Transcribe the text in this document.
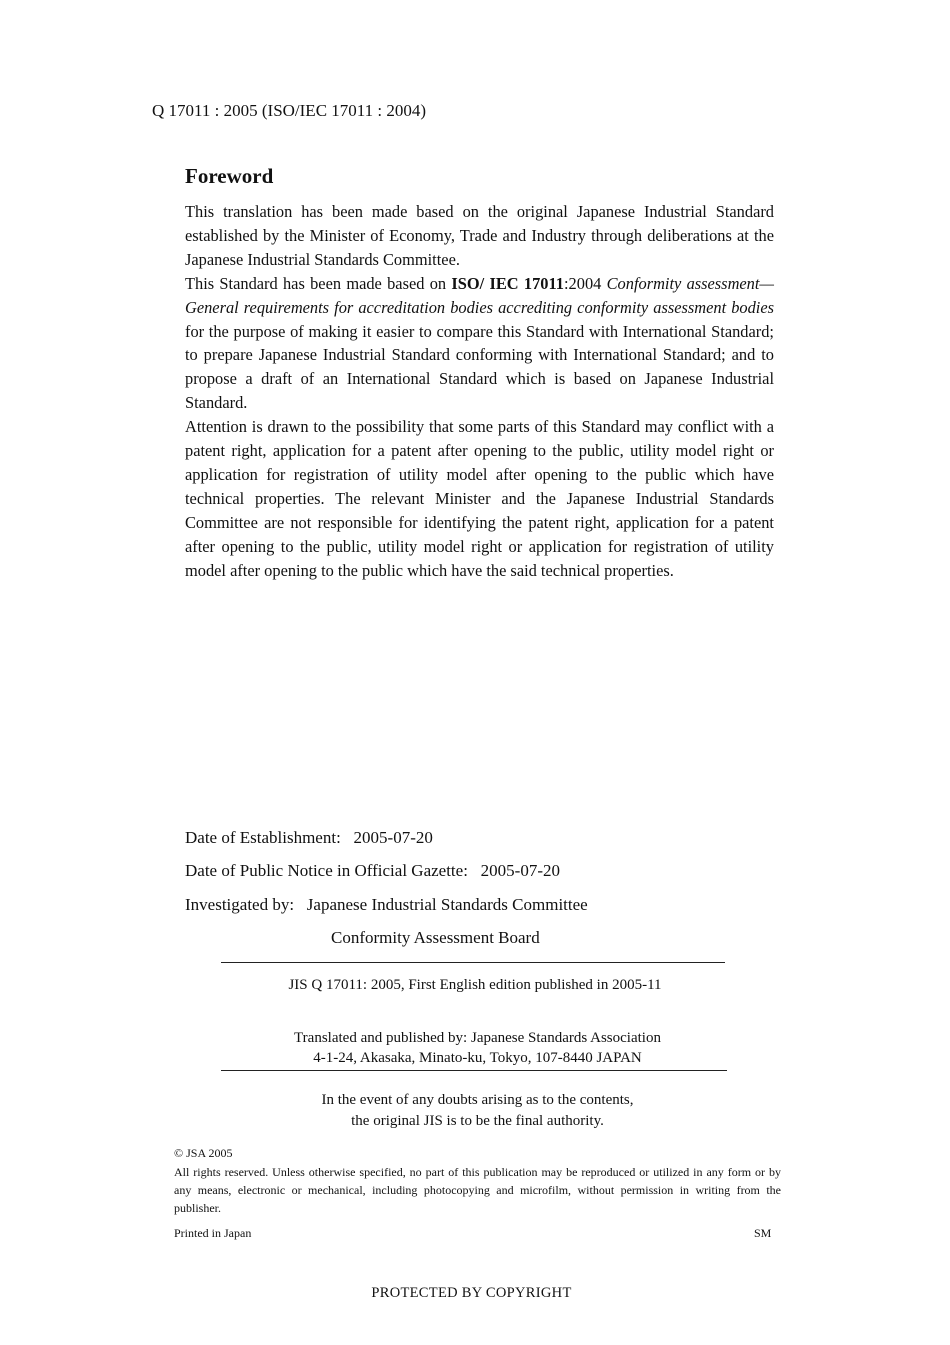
Q 17011 : 2005 (ISO/IEC 17011 : 2004)
Foreword

This translation has been made based on the original Japanese Industrial Standard established by the Minister of Economy, Trade and Industry through deliberations at the Japanese Industrial Standards Committee.

This Standard has been made based on ISO/ IEC 17011:2004 Conformity assessment—General requirements for accreditation bodies accrediting conformity assessment bodies for the purpose of making it easier to compare this Standard with International Standard; to prepare Japanese Industrial Standard conforming with International Standard; and to propose a draft of an International Standard which is based on Japanese Industrial Standard.

Attention is drawn to the possibility that some parts of this Standard may conflict with a patent right, application for a patent after opening to the public, utility model right or application for registration of utility model after opening to the public which have technical properties. The relevant Minister and the Japanese Industrial Standards Committee are not responsible for identifying the patent right, application for a patent after opening to the public, utility model right or application for registration of utility model after opening to the public which have the said technical properties.

Date of Establishment:   2005-07-20
Date of Public Notice in Official Gazette:   2005-07-20
Investigated by:   Japanese Industrial Standards Committee
Conformity Assessment Board
JIS Q 17011: 2005, First English edition published in 2005-11
Translated and published by: Japanese Standards Association
4-1-24, Akasaka, Minato-ku, Tokyo, 107-8440 JAPAN
In the event of any doubts arising as to the contents,
the original JIS is to be the final authority.
© JSA 2005
All rights reserved. Unless otherwise specified, no part of this publication may be reproduced or utilized in any form or by any means, electronic or mechanical, including photocopying and microfilm, without permission in writing from the publisher.
Printed in Japan	SM
PROTECTED BY COPYRIGHT
